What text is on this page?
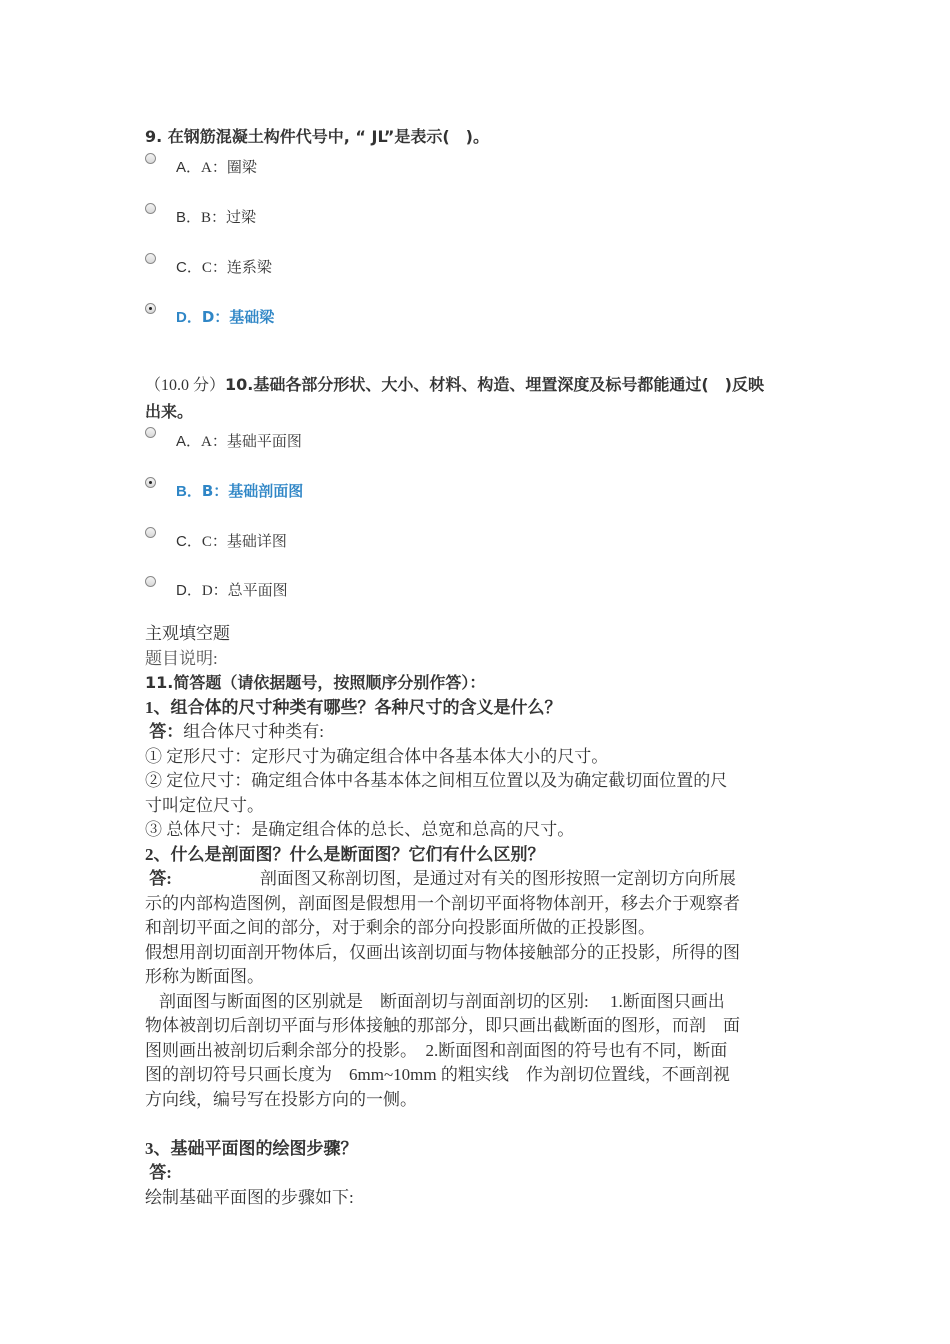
9. 在钢筋混凝土构件代号中, “ JL”是表示(　)。
A．A：圈梁
B．B：过梁
C．C：连系梁
D．D：基础梁
（10.0 分）10.基础各部分形状、大小、材料、构造、埋置深度及标号都能通过(　)反映
出来。
A．A：基础平面图
B．B：基础剖面图
C．C：基础详图
D．D：总平面图

主观填空题

题目说明:

11.简答题（请依据题号，按照顺序分别作答）：

1、组合体的尺寸种类有哪些？各种尺寸的含义是什么？

答：组合体尺寸种类有:

① 定形尺寸：定形尺寸为确定组合体中各基本体大小的尺寸。

② 定位尺寸：确定组合体中各基本体之间相互位置以及为确定截切面位置的尺

寸叫定位尺寸。

③ 总体尺寸：是确定组合体的总长、总宽和总高的尺寸。

2、什么是剖面图？什么是断面图？它们有什么区别？

答:	剖面图又称剖切图，是通过对有关的图形按照一定剖切方向所展

示的内部构造图例，剖面图是假想用一个剖切平面将物体剖开，移去介于观察者

和剖切平面之间的部分，对于剩余的部分向投影面所做的正投影图。

假想用剖切面剖开物体后，仅画出该剖切面与物体接触部分的正投影，所得的图

形称为断面图。

剖面图与断面图的区别就是　断面剖切与剖面剖切的区别:　 1.断面图只画出

物体被剖切后剖切平面与形体接触的那部分，即只画出截断面的图形，而剖　面

图则画出被剖切后剩余部分的投影。　2.断面图和剖面图的符号也有不同，断面

图的剖切符号只画长度为　6mm~10mm 的粗实线　作为剖切位置线，不画剖视

方向线，编号写在投影方向的一侧。

3、基础平面图的绘图步骤？

答:

绘制基础平面图的步骤如下:
